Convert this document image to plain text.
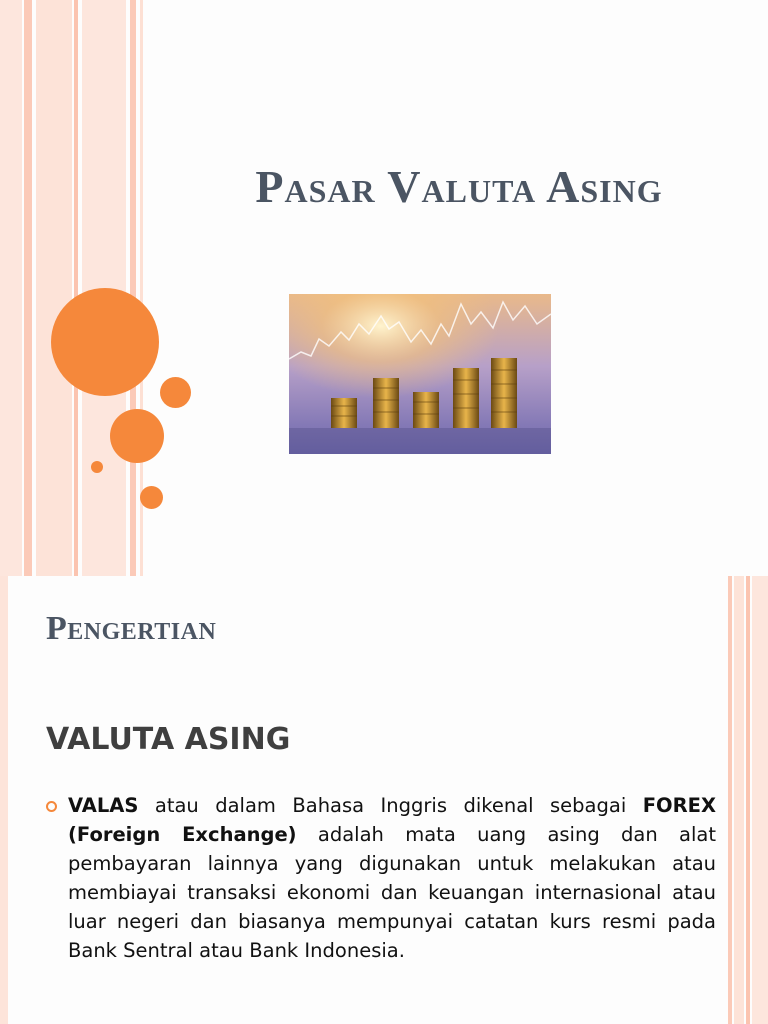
Pasar Valuta Asing
Pengertian
VALUTA ASING
VALAS atau dalam Bahasa Inggris dikenal sebagai FOREX (Foreign Exchange) adalah mata uang asing dan alat pembayaran lainnya yang digunakan untuk melakukan atau membiayai transaksi ekonomi dan keuangan internasional atau luar negeri dan biasanya mempunyai catatan kurs resmi pada Bank Sentral atau Bank Indonesia.
